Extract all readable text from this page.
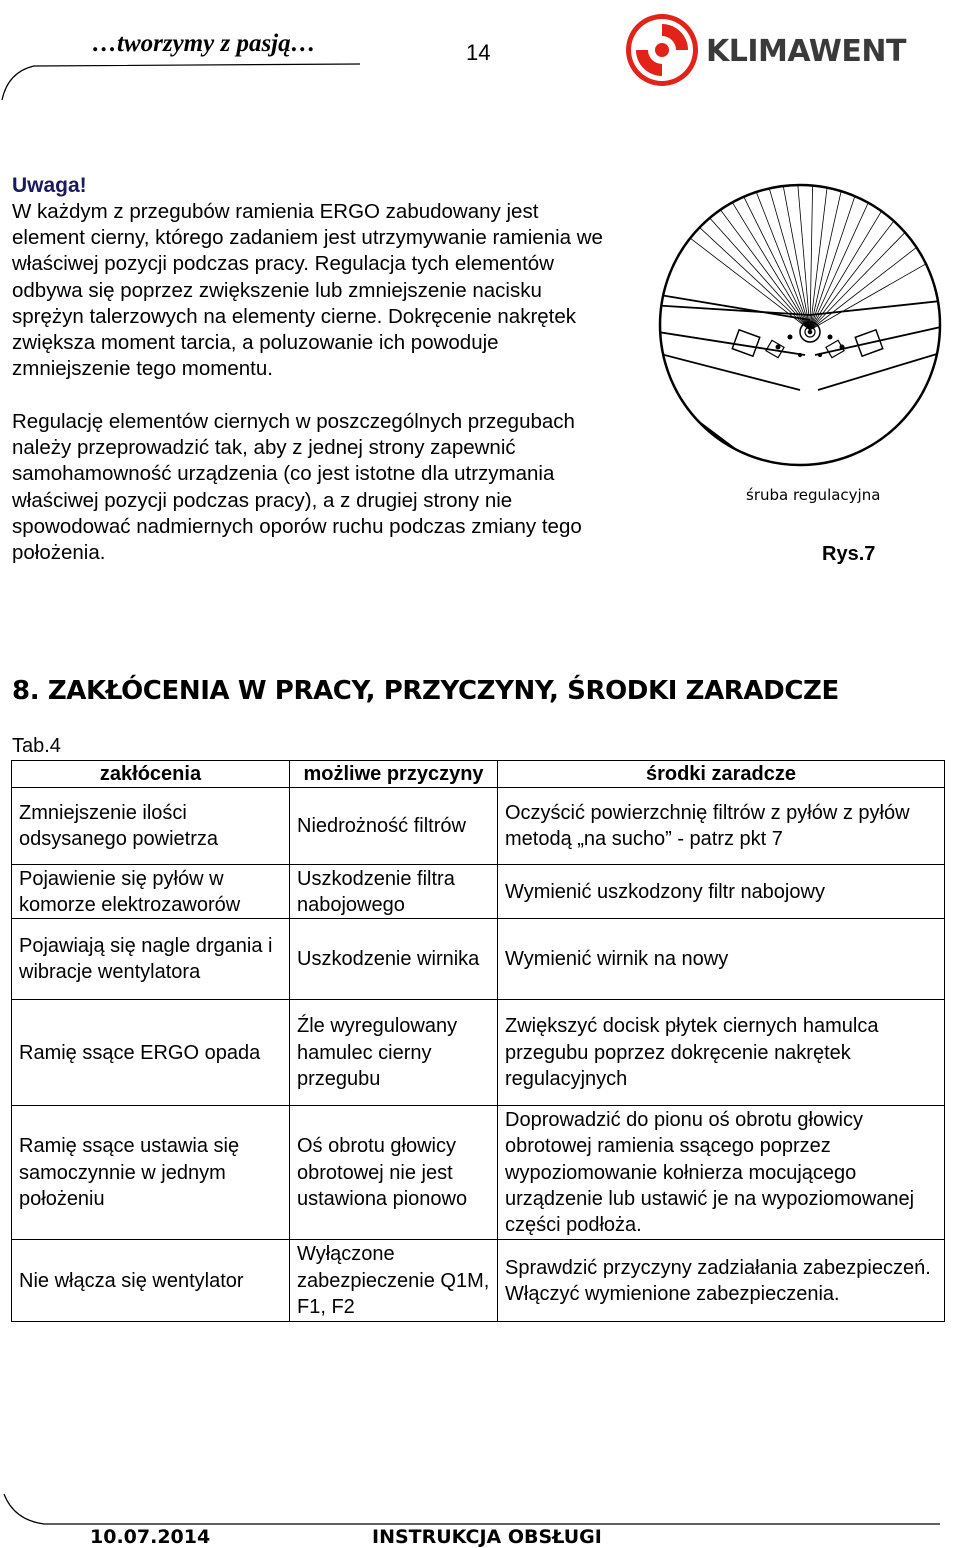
…tworzymy z pasją…	14	KLIMAWENT
Uwaga!

W każdym z przegubów ramienia ERGO zabudowany jest element cierny, którego zadaniem jest utrzymywanie ramienia we właściwej pozycji podczas pracy. Regulacja tych elementów odbywa się poprzez zwiększenie lub zmniejszenie nacisku sprężyn talerzowych na elementy cierne. Dokręcenie nakrętek zwiększa moment tarcia, a poluzowanie ich powoduje zmniejszenie tego momentu.

Regulację elementów ciernych w poszczególnych przegubach należy przeprowadzić tak, aby z jednej strony zapewnić samohamowność urządzenia (co jest istotne dla utrzymania właściwej pozycji podczas pracy), a z drugiej strony nie spowodować nadmiernych oporów ruchu podczas zmiany tego położenia.

śruba regulacyjna
Rys.7
8. ZAKŁÓCENIA W PRACY, PRZYCZYNY, ŚRODKI ZARADCZE
Tab.4
zakłócenia	możliwe przyczyny	środki zaradcze
Zmniejszenie ilości odsysanego powietrza	Niedrożność filtrów	Oczyścić powierzchnię filtrów z pyłów z pyłów metodą „na sucho” - patrz pkt 7
Pojawienie się pyłów w komorze elektrozaworów	Uszkodzenie filtra nabojowego	Wymienić uszkodzony filtr nabojowy
Pojawiają się nagle drgania i wibracje wentylatora	Uszkodzenie wirnika	Wymienić wirnik na nowy
Ramię ssące ERGO opada	Źle wyregulowany hamulec cierny przegubu	Zwiększyć docisk płytek ciernych hamulca przegubu poprzez dokręcenie nakrętek regulacyjnych
Ramię ssące ustawia się samoczynnie w jednym położeniu	Oś obrotu głowicy obrotowej nie jest ustawiona pionowo	Doprowadzić do pionu oś obrotu głowicy obrotowej ramienia ssącego poprzez wypoziomowanie kołnierza mocującego urządzenie lub ustawić je na wypoziomowanej części podłoża.
Nie włącza się wentylator	Wyłączone zabezpieczenie Q1M, F1, F2	Sprawdzić przyczyny zadziałania zabezpieczeń. Włączyć wymienione zabezpieczenia.
10.07.2014	INSTRUKCJA OBSŁUGI
